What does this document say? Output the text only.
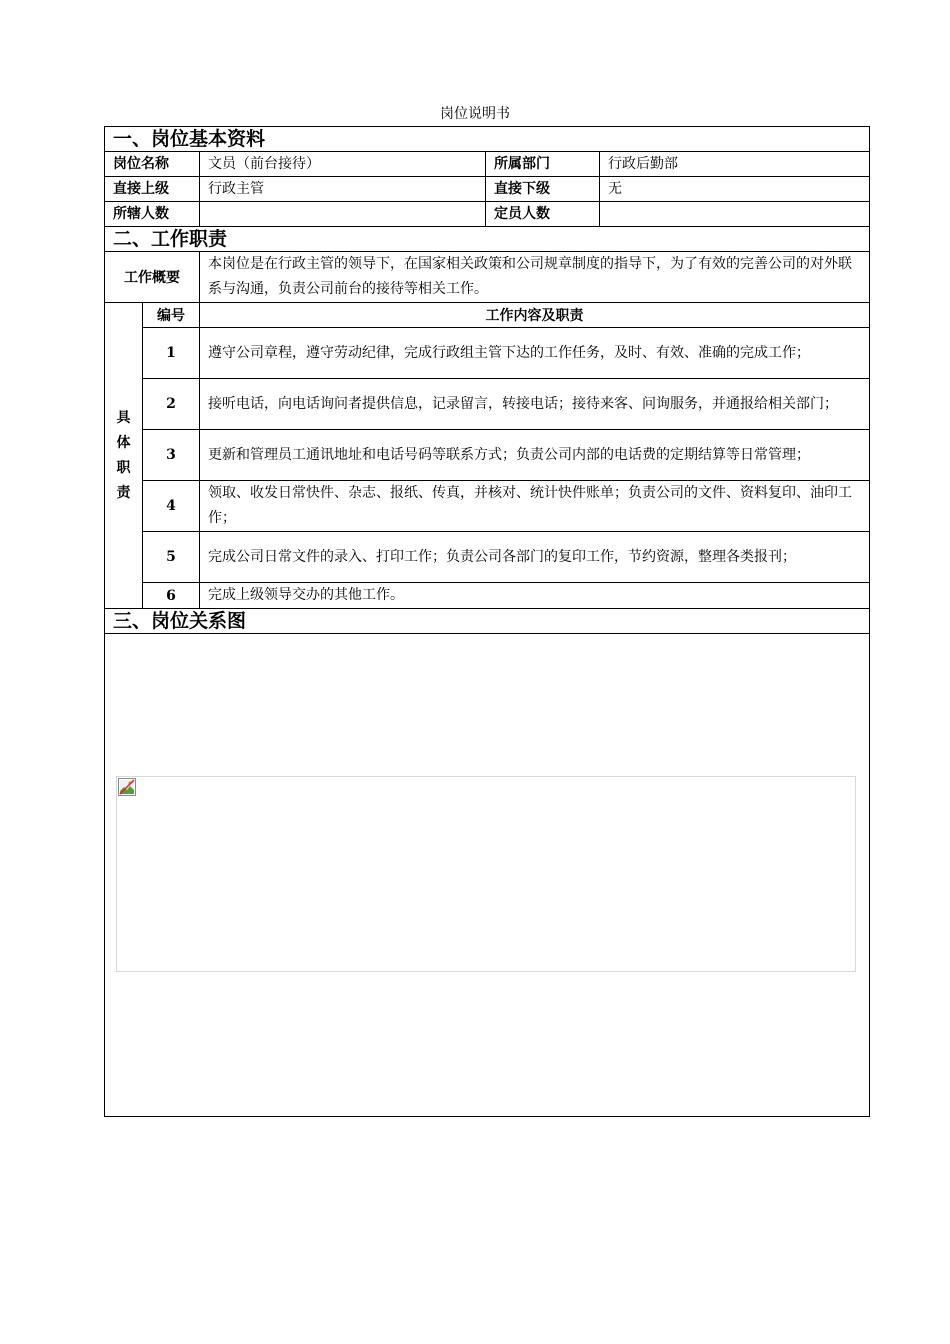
岗位说明书
一、岗位基本资料				
岗位名称		文员（前台接待）	所属部门	行政后勤部
直接上级		行政主管	直接下级	无
所辖人数			定员人数	
二、工作职责				
工作概要		本岗位是在行政主管的领导下，在国家相关政策和公司规章制度的指导下，为了有效的完善公司的对外联系与沟通，负责公司前台的接待等相关工作。		
具
体
职
责	编号	工作内容及职责		
	1	遵守公司章程，遵守劳动纪律，完成行政组主管下达的工作任务，及时、有效、准确的完成工作；		
	2	接听电话，向电话询问者提供信息，记录留言，转接电话；接待来客、问询服务，并通报给相关部门；		
	3	更新和管理员工通讯地址和电话号码等联系方式；负责公司内部的电话费的定期结算等日常管理；		
	4	领取、收发日常快件、杂志、报纸、传真，并核对、统计快件账单；负责公司的文件、资料复印、油印工作；		
	5	完成公司日常文件的录入、打印工作；负责公司各部门的复印工作，节约资源，整理各类报刊；		
	6	完成上级领导交办的其他工作。		
三、岗位关系图				
